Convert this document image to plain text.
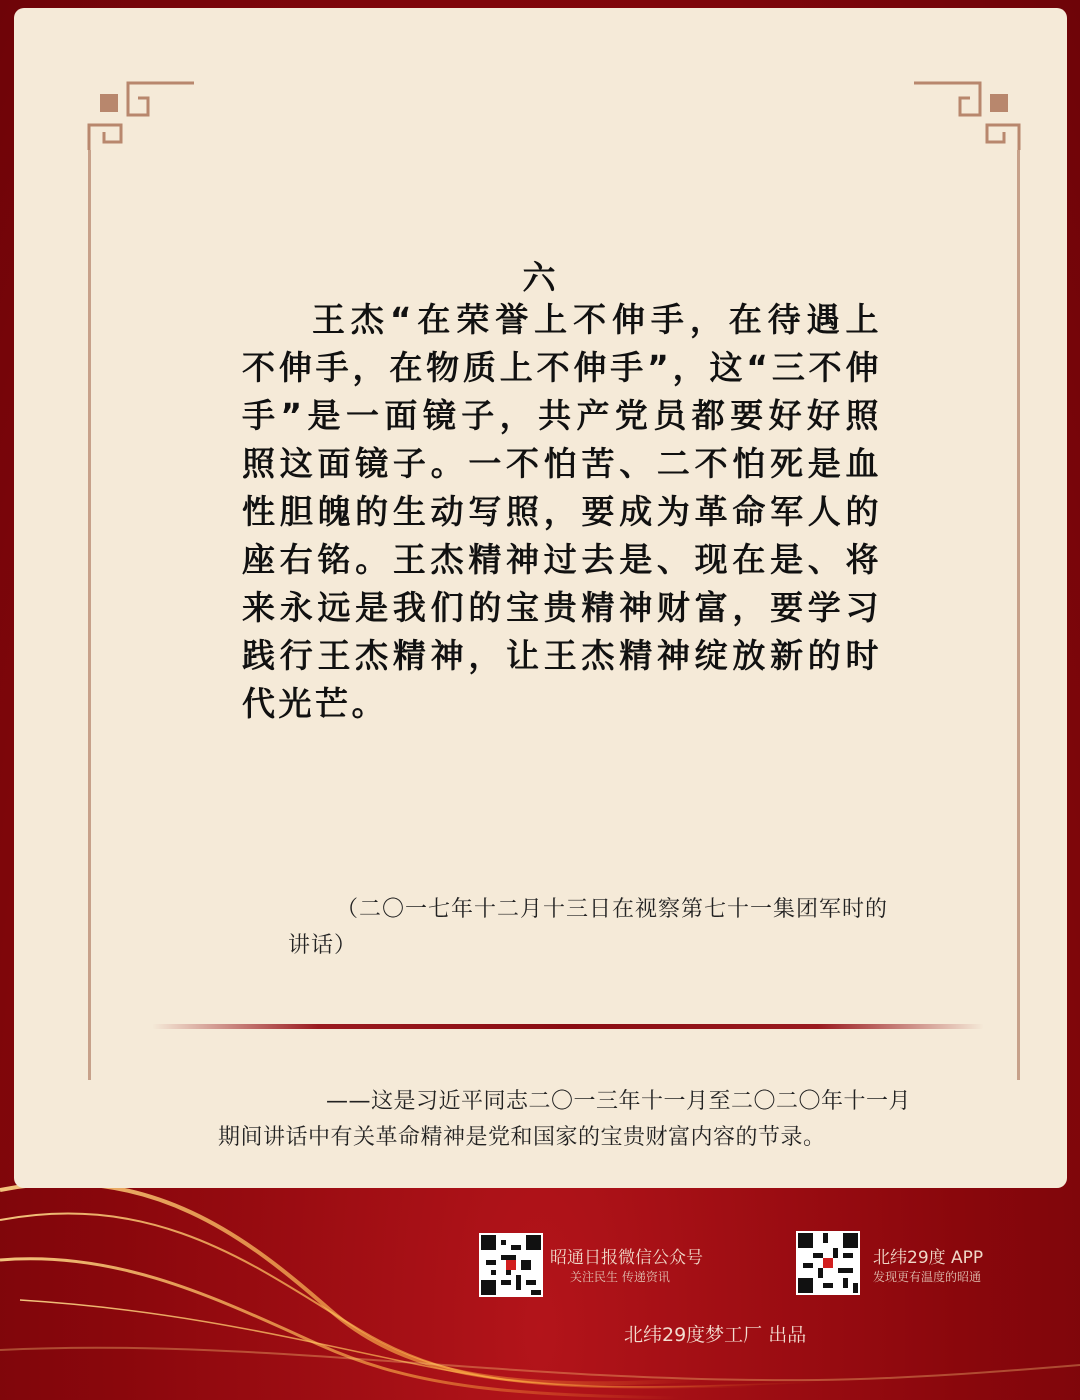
六

王杰“在荣誉上不伸手，在待遇上不伸手，在物质上不伸手”，这“三不伸手”是一面镜子，共产党员都要好好照照这面镜子。一不怕苦、二不怕死是血性胆魄的生动写照，要成为革命军人的座右铭。王杰精神过去是、现在是、将来永远是我们的宝贵精神财富，要学习践行王杰精神，让王杰精神绽放新的时代光芒。

（二〇一七年十二月十三日在视察第七十一集团军时的讲话）

——这是习近平同志二〇一三年十一月至二〇二〇年十一月期间讲话中有关革命精神是党和国家的宝贵财富内容的节录。

昭通日报微信公众号
关注民生 传递资讯
北纬29度 APP
发现更有温度的昭通
北纬29度梦工厂 出品
